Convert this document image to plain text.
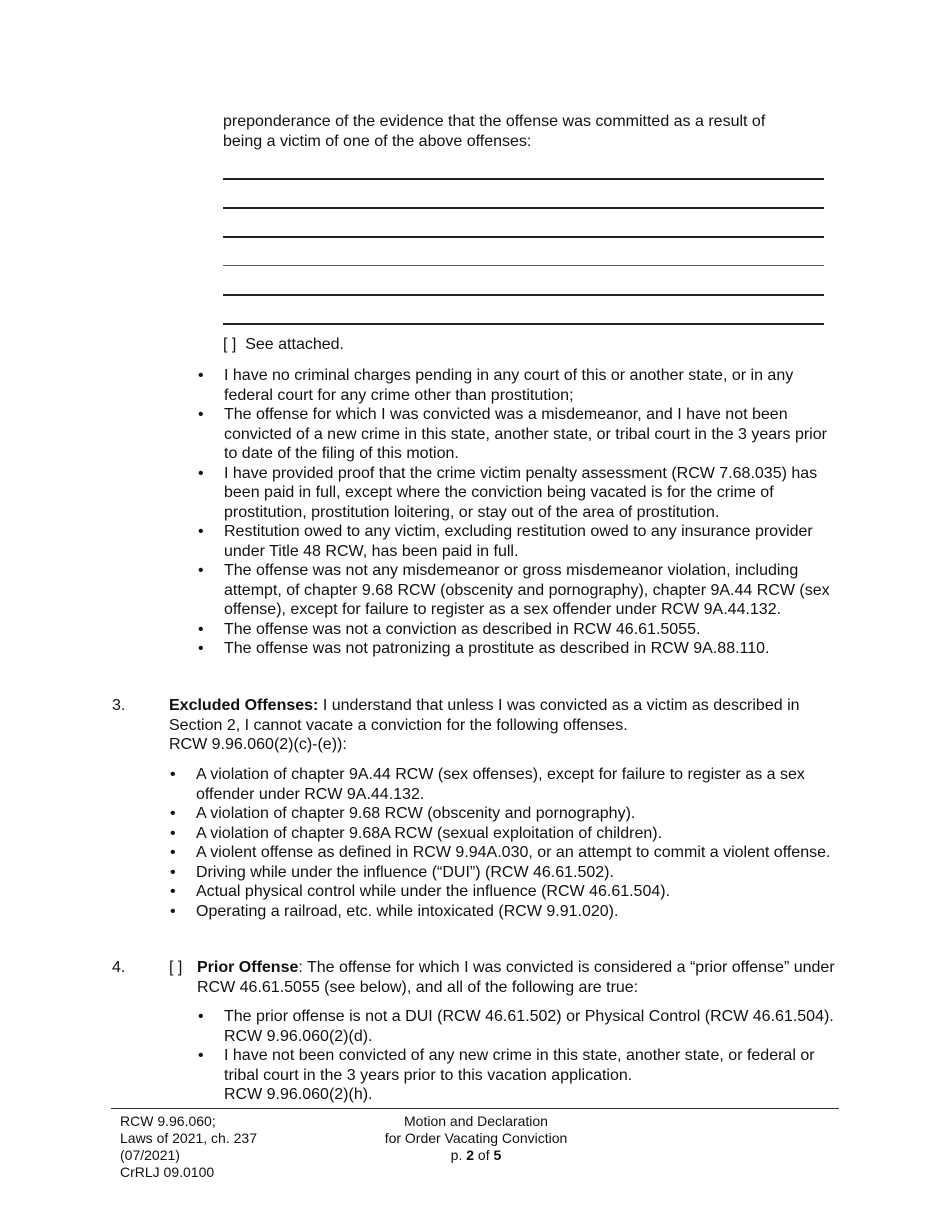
preponderance of the evidence that the offense was committed as a result of
being a victim of one of the above offenses:
[ ] See attached.
• I have no criminal charges pending in any court of this or another state, or in any federal court for any crime other than prostitution;
• The offense for which I was convicted was a misdemeanor, and I have not been convicted of a new crime in this state, another state, or tribal court in the 3 years prior to date of the filing of this motion.
• I have provided proof that the crime victim penalty assessment (RCW 7.68.035) has been paid in full, except where the conviction being vacated is for the crime of prostitution, prostitution loitering, or stay out of the area of prostitution.
• Restitution owed to any victim, excluding restitution owed to any insurance provider under Title 48 RCW, has been paid in full.
• The offense was not any misdemeanor or gross misdemeanor violation, including attempt, of chapter 9.68 RCW (obscenity and pornography), chapter 9A.44 RCW (sex offense), except for failure to register as a sex offender under RCW 9A.44.132.
• The offense was not a conviction as described in RCW 46.61.5055.
• The offense was not patronizing a prostitute as described in RCW 9A.88.110.
3.	Excluded Offenses: I understand that unless I was convicted as a victim as described in Section 2, I cannot vacate a conviction for the following offenses.
RCW 9.96.060(2)(c)-(e)):
• A violation of chapter 9A.44 RCW (sex offenses), except for failure to register as a sex offender under RCW 9A.44.132.
• A violation of chapter 9.68 RCW (obscenity and pornography).
• A violation of chapter 9.68A RCW (sexual exploitation of children).
• A violent offense as defined in RCW 9.94A.030, or an attempt to commit a violent offense.
• Driving while under the influence (“DUI”) (RCW 46.61.502).
• Actual physical control while under the influence (RCW 46.61.504).
• Operating a railroad, etc. while intoxicated (RCW 9.91.020).
4.	[ ] Prior Offense: The offense for which I was convicted is considered a “prior offense” under RCW 46.61.5055 (see below), and all of the following are true:
• The prior offense is not a DUI (RCW 46.61.502) or Physical Control (RCW 46.61.504). RCW 9.96.060(2)(d).
• I have not been convicted of any new crime in this state, another state, or federal or tribal court in the 3 years prior to this vacation application.
RCW 9.96.060(2)(h).
RCW 9.96.060;
Laws of 2021, ch. 237
(07/2021)
CrRLJ 09.0100
Motion and Declaration
for Order Vacating Conviction
p. 2 of 5
